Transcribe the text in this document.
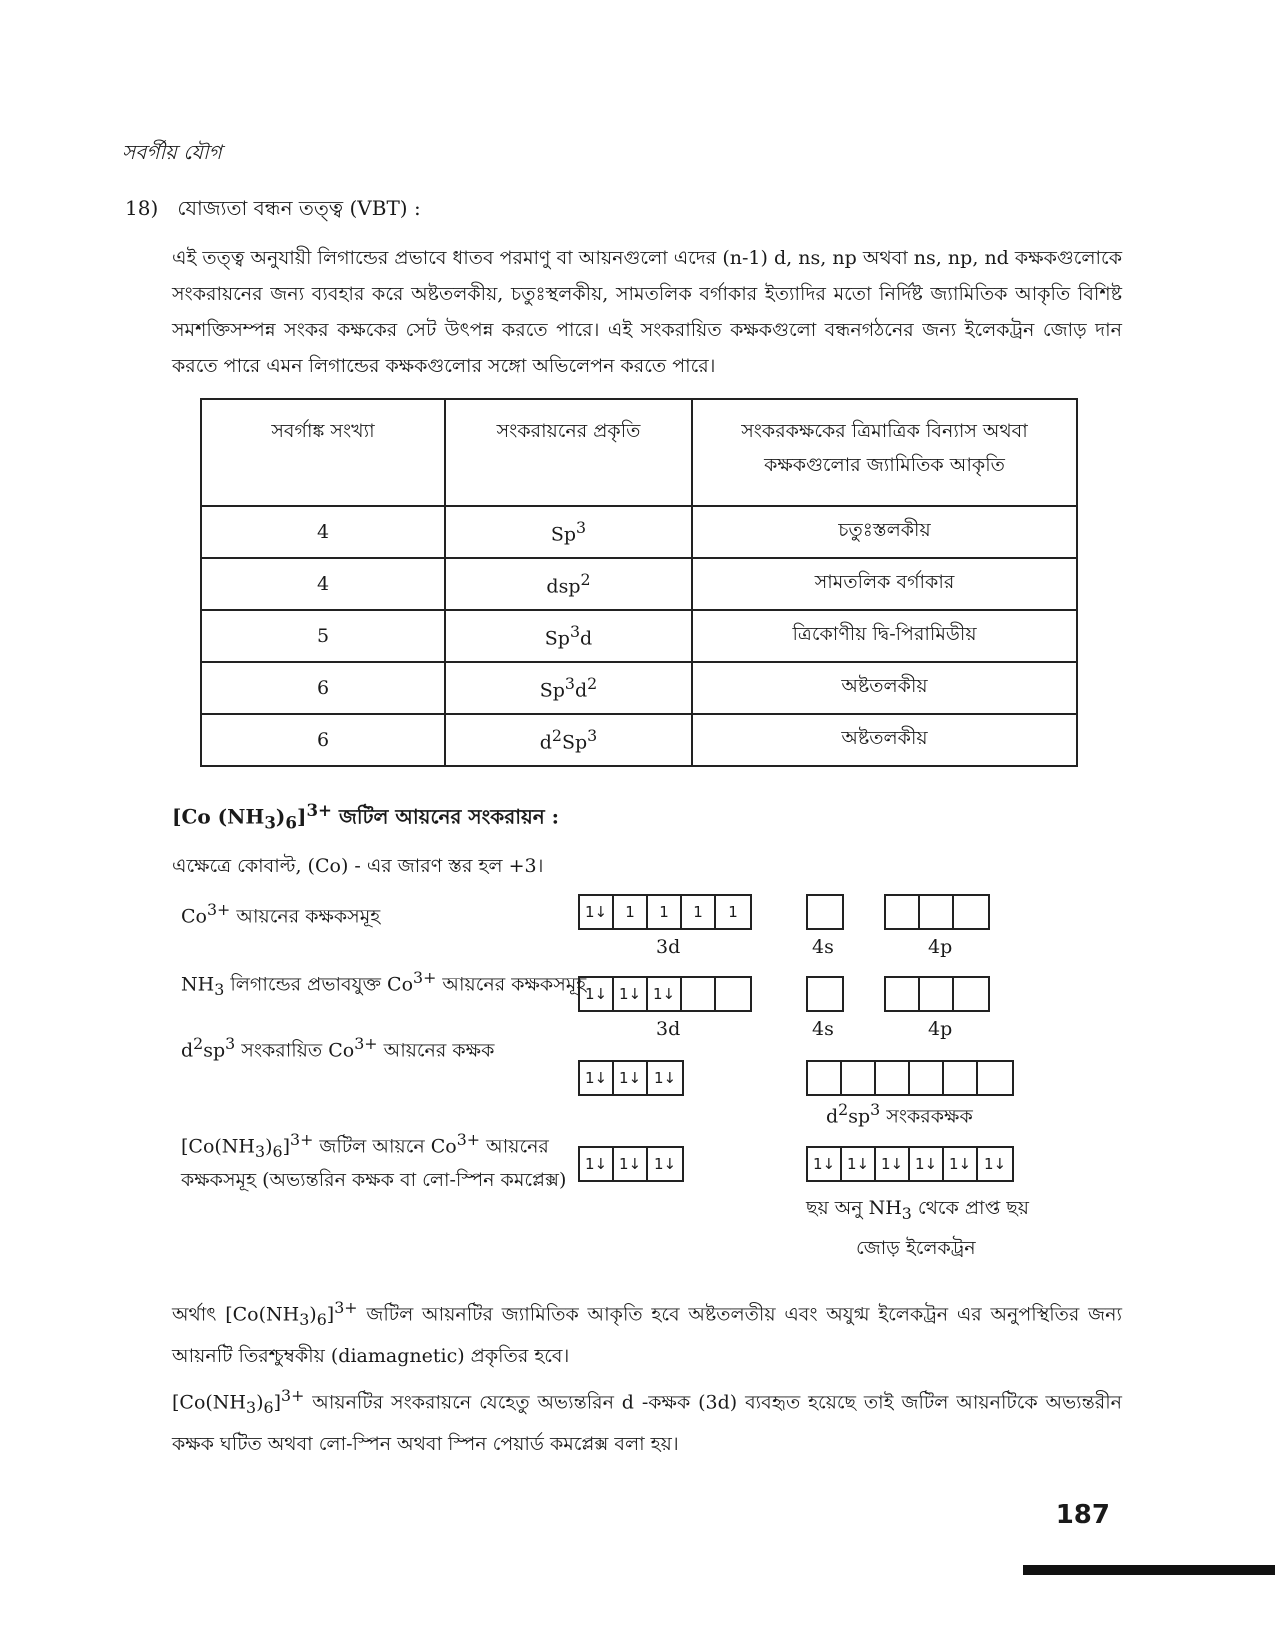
সবর্গীয় যৌগ
18) যোজ্যতা বন্ধন তত্ত্ব (VBT) :
এই তত্ত্ব অনুযায়ী লিগান্ডের প্রভাবে ধাতব পরমাণু বা আয়নগুলো এদের (n-1) d, ns, np অথবা ns, np, nd কক্ষকগুলোকে সংকরায়নের জন্য ব্যবহার করে অষ্টতলকীয়, চতুঃস্থলকীয়, সামতলিক বর্গাকার ইত্যাদির মতো নির্দিষ্ট জ্যামিতিক আকৃতি বিশিষ্ট সমশক্তিসম্পন্ন সংকর কক্ষকের সেট উৎপন্ন করতে পারে। এই সংকরায়িত কক্ষকগুলো বন্ধনগঠনের জন্য ইলেকট্রন জোড় দান করতে পারে এমন লিগান্ডের কক্ষকগুলোর সঙ্গো অভিলেপন করতে পারে।
সবর্গাঙ্ক সংখ্যা	সংকরায়নের প্রকৃতি	সংকরকক্ষকের ত্রিমাত্রিক বিন্যাস অথবা কক্ষকগুলোর জ্যামিতিক আকৃতি
4	Sp$^3$	চতুঃস্তলকীয়
4	dsp$^2$	সামতলিক বর্গাকার
5	Sp$^3$d	ত্রিকোণীয় দ্বি-পিরামিডীয়
6	$Sp^3d^2$	অষ্টতলকীয়
6	$d^2Sp^3$	অষ্টতলকীয়
[Co $(NH_3)_6]^{3+}$ জটিল আয়নের সংকরায়ন :
এক্ষেত্রে কোবাল্ট, (Co) - এর জারণ স্তর হল +3।
$Co^{3+}$ আয়নের কক্ষকসমূহ	1↓	1	1	1	1
3d	4s	4p
$NH_3$ লিগান্ডের প্রভাবযুক্ত $Co^{3+}$ আয়নের কক্ষকসমূহ
1↓ 1↓ 1↓
3d	4s	4p
$d^2sp^3$ সংকরায়িত $Co^{3+}$ আয়নের কক্ষক
1↓ 1↓ 1↓
$d^2sp^3$ সংকরকক্ষক
$[Co(NH_3)_6]^{3+}$ জটিল আয়নে $Co^{3+}$ আয়নের
কক্ষকসমূহ (অভ্যন্তরিন কক্ষক বা লো-স্পিন কমপ্লেক্স)
1↓ 1↓ 1↓	1↓ 1↓ 1↓ 1↓ 1↓ 1↓
ছয় অনু $NH_3$ থেকে প্রাপ্ত ছয়
জোড় ইলেকট্রন
অর্থাৎ $[Co(NH_3)_6]^{3+}$ জটিল আয়নটির জ্যামিতিক আকৃতি হবে অষ্টতলতীয় এবং অযুগ্ম ইলেকট্রন এর অনুপস্থিতির জন্য আয়নটি তিরশ্চুম্বকীয় (diamagnetic) প্রকৃতির হবে।
$[Co(NH_3)_6]^{3+}$ আয়নটির সংকরায়নে যেহেতু অভ্যন্তরিন d -কক্ষক (3d) ব্যবহৃত হয়েছে তাই জটিল আয়নটিকে অভ্যন্তরীন কক্ষক ঘটিত অথবা লো-স্পিন অথবা স্পিন পেয়ার্ড কমপ্লেক্স বলা হয়।
187
